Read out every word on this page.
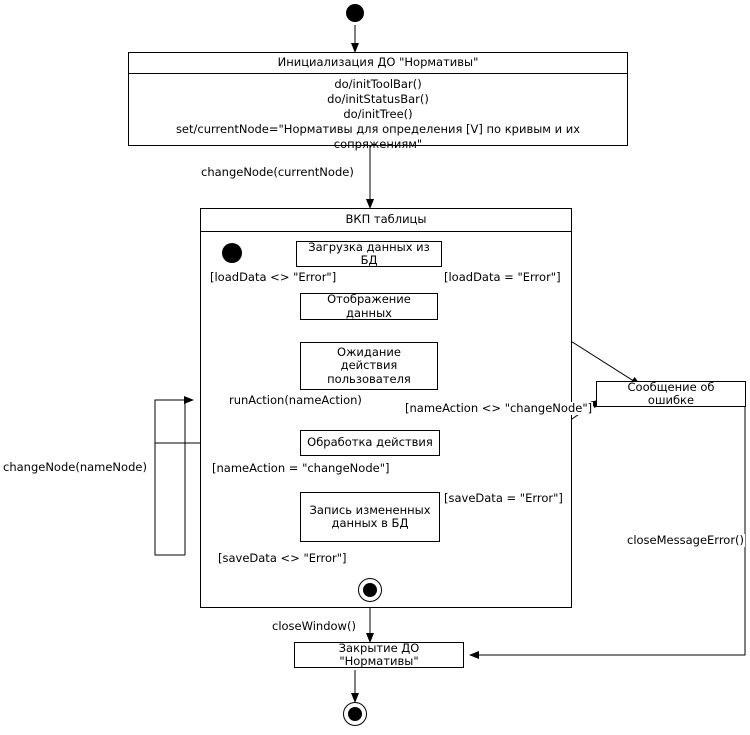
Инициализация ДО "Нормативы"
do/initToolBar()
do/initStatusBar()
do/initTree()
set/currentNode="Нормативы для определения [V] по кривым и их сопряжениям"
ВКП таблицы
Загрузка данных из БД
Отображение данных
Ожидание действия пользователя
Обработка действия
Запись измененных данных в БД
Сообщение об ошибке
Закрытие ДО "Нормативы"
changeNode(currentNode)
[loadData <> "Error"]	[loadData = "Error"]
runAction(nameAction)
[nameAction <> "changeNode"]
[nameAction = "changeNode"]
[saveData = "Error"]
[saveData <> "Error"]
changeNode(nameNode)
closeWindow()
closeMessageError()
